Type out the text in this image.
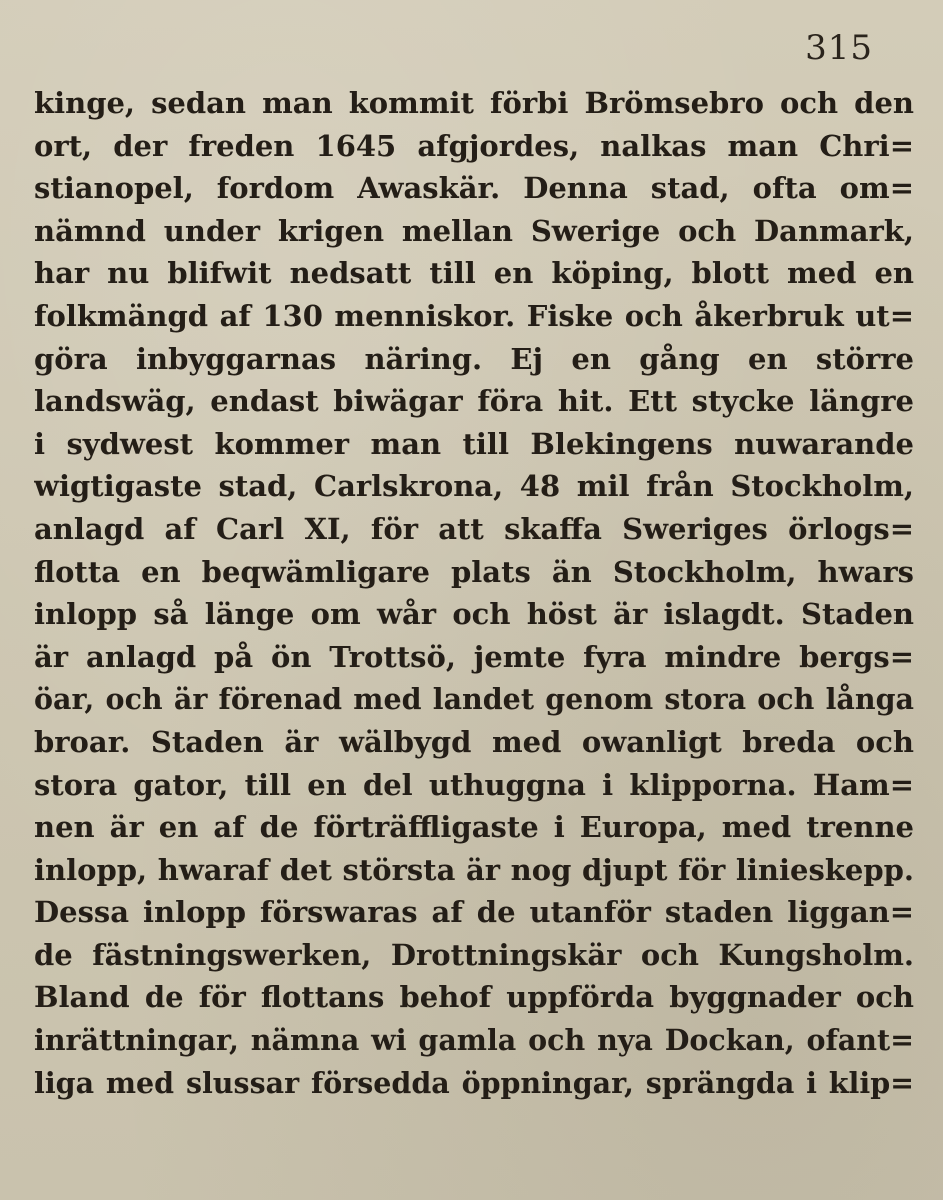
315
kinge, sedan man kommit förbi Brömsebro och den
ort, der freden 1645 afgjordes, nalkas man Chri=
stianopel, fordom Awaskär. Denna stad, ofta om=
nämnd under krigen mellan Swerige och Danmark,
har nu blifwit nedsatt till en köping, blott med en
folkmängd af 130 menniskor. Fiske och åkerbruk ut=
göra inbyggarnas näring. Ej en gång en större
landswäg, endast biwägar föra hit. Ett stycke längre
i sydwest kommer man till Blekingens nuwarande
wigtigaste stad, Carlskrona, 48 mil från Stockholm,
anlagd af Carl XI, för att skaffa Sweriges örlogs=
flotta en beqwämligare plats än Stockholm, hwars
inlopp så länge om wår och höst är islagdt. Staden
är anlagd på ön Trottsö, jemte fyra mindre bergs=
öar, och är förenad med landet genom stora och långa
broar. Staden är wälbygd med owanligt breda och
stora gator, till en del uthuggna i klipporna. Ham=
nen är en af de förträffligaste i Europa, med trenne
inlopp, hwaraf det största är nog djupt för linieskepp.
Dessa inlopp förswaras af de utanför staden liggan=
de fästningswerken, Drottningskär och Kungsholm.
Bland de för flottans behof uppförda byggnader och
inrättningar, nämna wi gamla och nya Dockan, ofant=
liga med slussar försedda öppningar, sprängda i klip=
